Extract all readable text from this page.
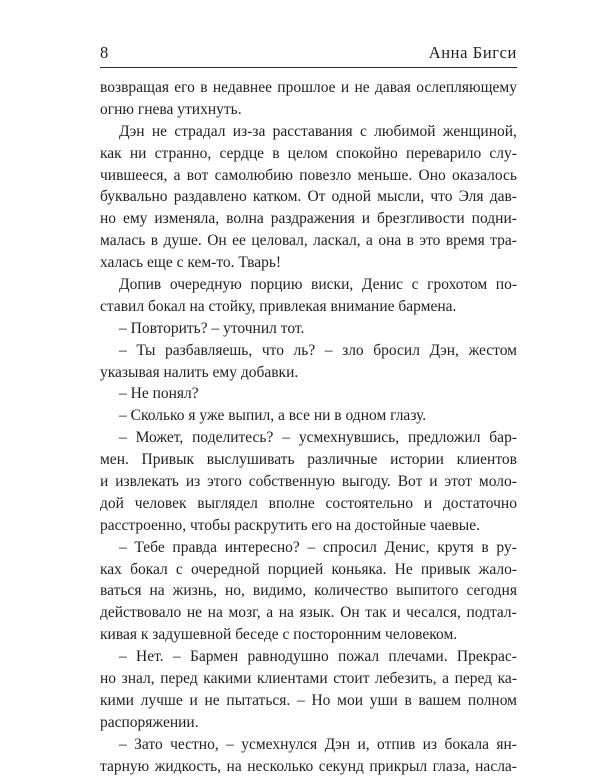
8	Анна Бигси
возвращая его в недавнее прошлое и не давая ослепляющему
огню гнева утихнуть.
Дэн не страдал из-за расставания с любимой женщиной,
как ни странно, сердце в целом спокойно переварило слу-
чившееся, а вот самолюбию повезло меньше. Оно оказалось
буквально раздавлено катком. От одной мысли, что Эля дав-
но ему изменяла, волна раздражения и брезгливости подни-
малась в душе. Он ее целовал, ласкал, а она в это время тра-
халась еще с кем-то. Тварь!
Допив очередную порцию виски, Денис с грохотом по-
ставил бокал на стойку, привлекая внимание бармена.
– Повторить? – уточнил тот.
– Ты разбавляешь, что ль? – зло бросил Дэн, жестом
указывая налить ему добавки.
– Не понял?
– Сколько я уже выпил, а все ни в одном глазу.
– Может, поделитесь? – усмехнувшись, предложил бар-
мен. Привык выслушивать различные истории клиентов
и извлекать из этого собственную выгоду. Вот и этот моло-
дой человек выглядел вполне состоятельно и достаточно
расстроенно, чтобы раскрутить его на достойные чаевые.
– Тебе правда интересно? – спросил Денис, крутя в ру-
ках бокал с очередной порцией коньяка. Не привык жало-
ваться на жизнь, но, видимо, количество выпитого сегодня
действовало не на мозг, а на язык. Он так и чесался, подтал-
кивая к задушевной беседе с посторонним человеком.
– Нет. – Бармен равнодушно пожал плечами. Прекрас-
но знал, перед какими клиентами стоит лебезить, а перед ка-
кими лучше и не пытаться. – Но мои уши в вашем полном
распоряжении.
– Зато честно, – усмехнулся Дэн и, отпив из бокала ян-
тарную жидкость, на несколько секунд прикрыл глаза, насла-
